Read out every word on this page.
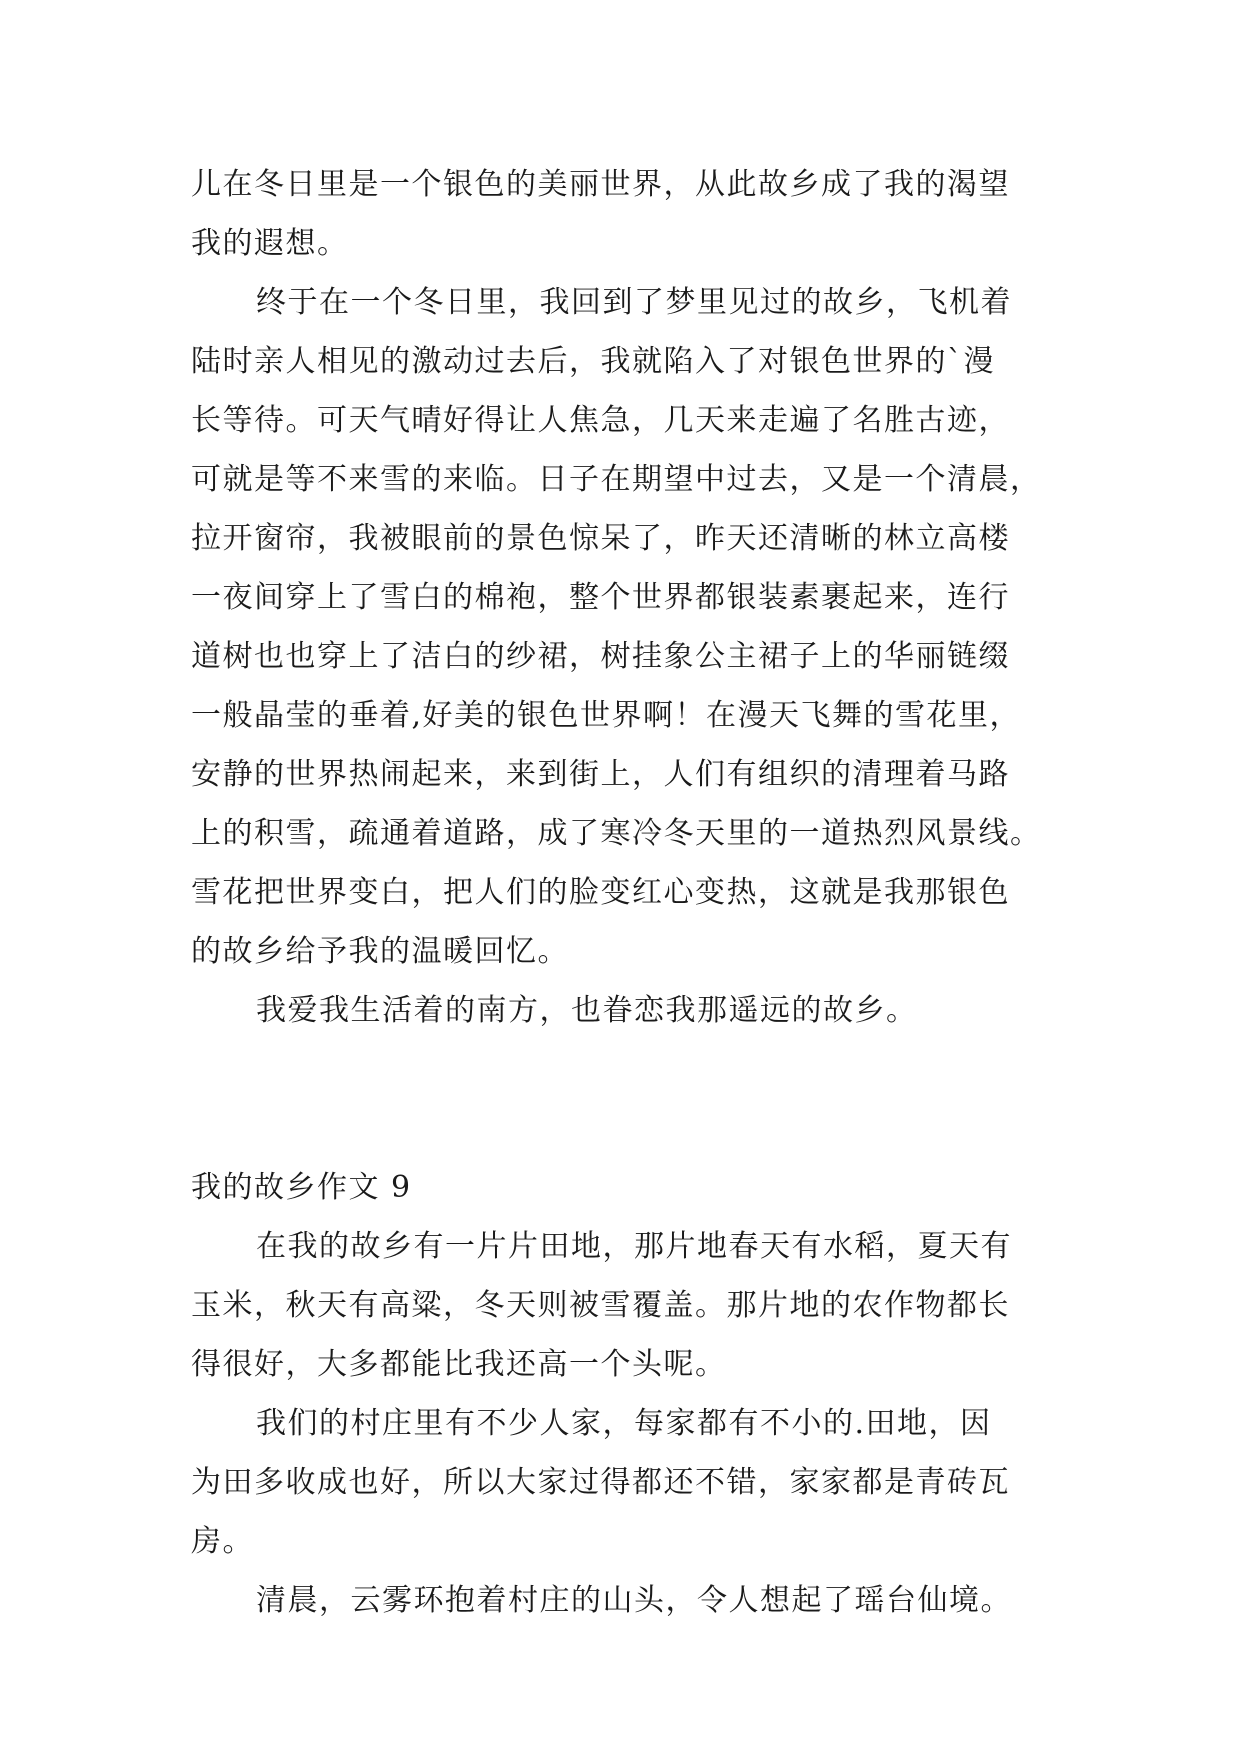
儿在冬日里是一个银色的美丽世界，从此故乡成了我的渴望
我的遐想。
终于在一个冬日里，我回到了梦里见过的故乡，飞机着
陆时亲人相见的激动过去后，我就陷入了对银色世界的`漫
长等待。可天气晴好得让人焦急，几天来走遍了名胜古迹，
可就是等不来雪的来临。日子在期望中过去，又是一个清晨，
拉开窗帘，我被眼前的景色惊呆了，昨天还清晰的林立高楼
一夜间穿上了雪白的棉袍，整个世界都银装素裹起来，连行
道树也也穿上了洁白的纱裙，树挂象公主裙子上的华丽链缀
一般晶莹的垂着,好美的银色世界啊！在漫天飞舞的雪花里，
安静的世界热闹起来，来到街上，人们有组织的清理着马路
上的积雪，疏通着道路，成了寒冷冬天里的一道热烈风景线。
雪花把世界变白，把人们的脸变红心变热，这就是我那银色
的故乡给予我的温暖回忆。
我爱我生活着的南方，也眷恋我那遥远的故乡。
我的故乡作文 9
在我的故乡有一片片田地，那片地春天有水稻，夏天有
玉米，秋天有高粱，冬天则被雪覆盖。那片地的农作物都长
得很好，大多都能比我还高一个头呢。
我们的村庄里有不少人家，每家都有不小的.田地，因
为田多收成也好，所以大家过得都还不错，家家都是青砖瓦
房。
清晨，云雾环抱着村庄的山头，令人想起了瑶台仙境。
